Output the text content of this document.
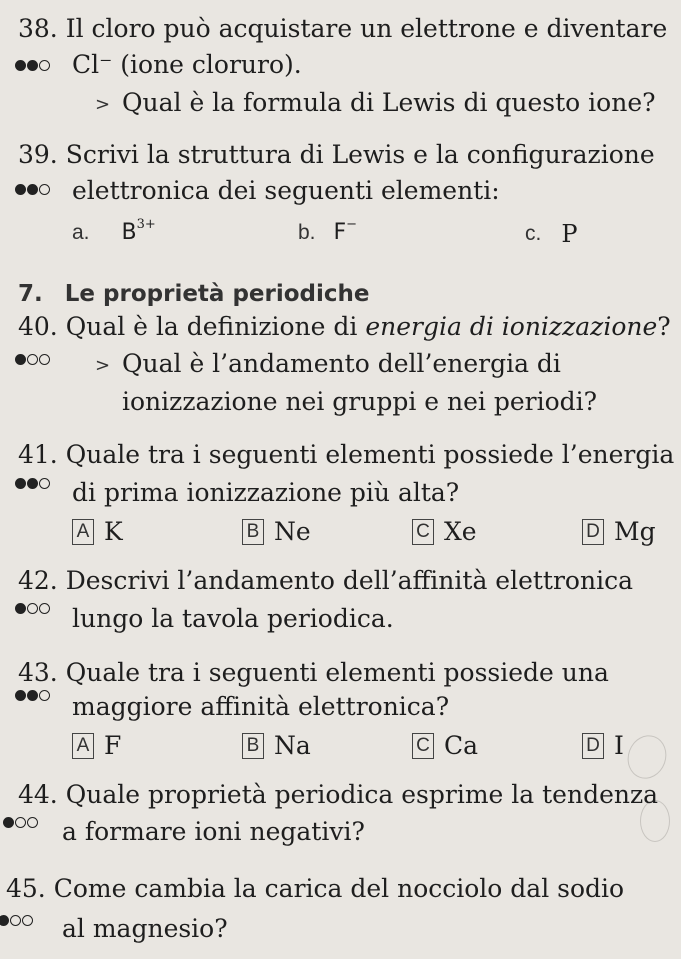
38. Il cloro può acquistare un elettrone e diventare
Cl⁻ (ione cloruro).
> Qual è la formula di Lewis di questo ione?
39. Scrivi la struttura di Lewis e la configurazione
elettronica dei seguenti elementi:
a. $B^{3+}$	b. F−	c. P
7. Le proprietà periodiche
40. Qual è la definizione di energia di ionizzazione?
> Qual è l’andamento dell’energia di
ionizzazione nei gruppi e nei periodi?
41. Quale tra i seguenti elementi possiede l’energia
di prima ionizzazione più alta?
A K	B Ne	C Xe	D Mg
42. Descrivi l’andamento dell’affinità elettronica
lungo la tavola periodica.
43. Quale tra i seguenti elementi possiede una
maggiore affinità elettronica?
A F	B Na	C Ca	D I
44. Quale proprietà periodica esprime la tendenza
a formare ioni negativi?
45. Come cambia la carica del nocciolo dal sodio
al magnesio?
